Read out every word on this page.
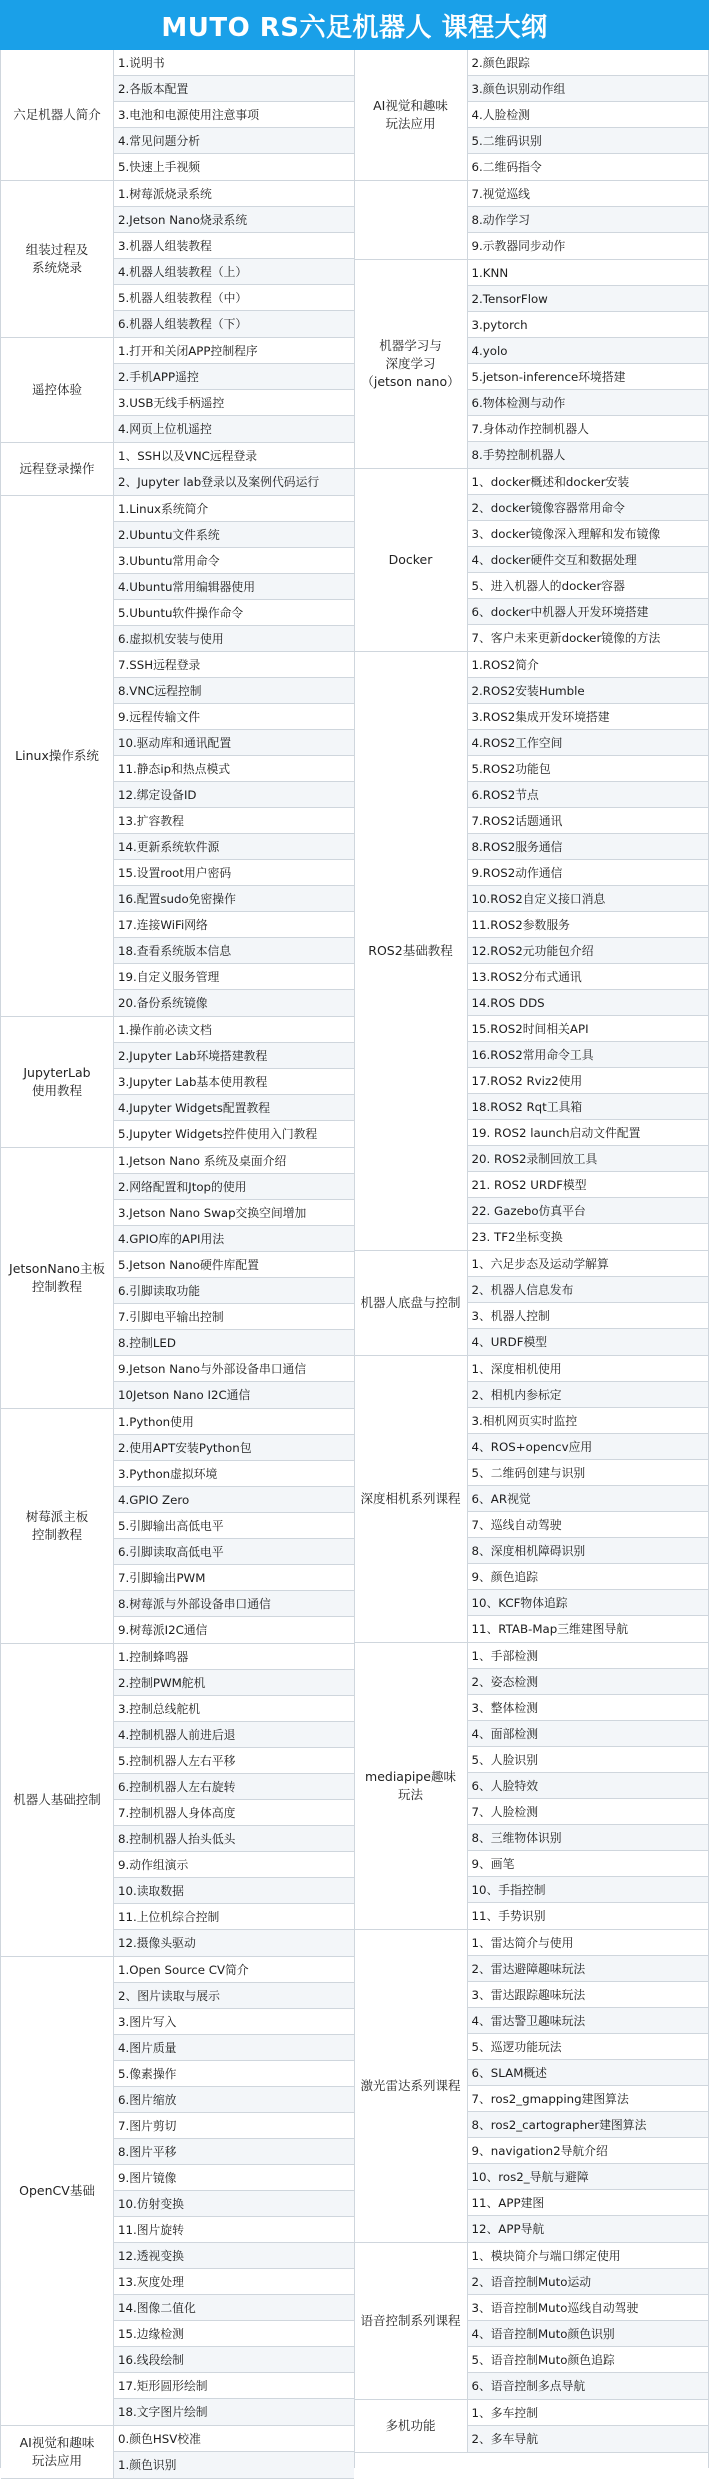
MUTO RS六足机器人 课程大纲
六足机器人简介
1.说明书
2.各版本配置
3.电池和电源使用注意事项
4.常见问题分析
5.快速上手视频
组装过程及
系统烧录
1.树莓派烧录系统
2.Jetson Nano烧录系统
3.机器人组装教程
4.机器人组装教程（上）
5.机器人组装教程（中）
6.机器人组装教程（下）
遥控体验
1.打开和关闭APP控制程序
2.手机APP遥控
3.USB无线手柄遥控
4.网页上位机遥控
远程登录操作
1、SSH以及VNC远程登录
2、Jupyter lab登录以及案例代码运行
Linux操作系统
1.Linux系统简介
2.Ubuntu文件系统
3.Ubuntu常用命令
4.Ubuntu常用编辑器使用
5.Ubuntu软件操作命令
6.虚拟机安装与使用
7.SSH远程登录
8.VNC远程控制
9.远程传输文件
10.驱动库和通讯配置
11.静态ip和热点模式
12.绑定设备ID
13.扩容教程
14.更新系统软件源
15.设置root用户密码
16.配置sudo免密操作
17.连接WiFi网络
18.查看系统版本信息
19.自定义服务管理
20.备份系统镜像
JupyterLab
使用教程
1.操作前必读文档
2.Jupyter Lab环境搭建教程
3.Jupyter Lab基本使用教程
4.Jupyter Widgets配置教程
5.Jupyter Widgets控件使用入门教程
JetsonNano主板
控制教程
1.Jetson Nano 系统及桌面介绍
2.网络配置和Jtop的使用
3.Jetson Nano Swap交换空间增加
4.GPIO库的API用法
5.Jetson Nano硬件库配置
6.引脚读取功能
7.引脚电平输出控制
8.控制LED
9.Jetson Nano与外部设备串口通信
10Jetson Nano I2C通信
树莓派主板
控制教程
1.Python使用
2.使用APT安装Python包
3.Python虚拟环境
4.GPIO Zero
5.引脚输出高低电平
6.引脚读取高低电平
7.引脚输出PWM
8.树莓派与外部设备串口通信
9.树莓派I2C通信
机器人基础控制
1.控制蜂鸣器
2.控制PWM舵机
3.控制总线舵机
4.控制机器人前进后退
5.控制机器人左右平移
6.控制机器人左右旋转
7.控制机器人身体高度
8.控制机器人抬头低头
9.动作组演示
10.读取数据
11.上位机综合控制
12.摄像头驱动
OpenCV基础
1.Open Source CV简介
2、图片读取与展示
3.图片写入
4.图片质量
5.像素操作
6.图片缩放
7.图片剪切
8.图片平移
9.图片镜像
10.仿射变换
11.图片旋转
12.透视变换
13.灰度处理
14.图像二值化
15.边缘检测
16.线段绘制
17.矩形圆形绘制
18.文字图片绘制
AI视觉和趣味
玩法应用
0.颜色HSV校准
1.颜色识别
AI视觉和趣味
玩法应用
2.颜色跟踪
3.颜色识别动作组
4.人脸检测
5.二维码识别
6.二维码指令
7.视觉巡线
8.动作学习
9.示教器同步动作
机器学习与
深度学习
（jetson nano）
1.KNN
2.TensorFlow
3.pytorch
4.yolo
5.jetson-inference环境搭建
6.物体检测与动作
7.身体动作控制机器人
8.手势控制机器人
Docker
1、docker概述和docker安装
2、docker镜像容器常用命令
3、docker镜像深入理解和发布镜像
4、docker硬件交互和数据处理
5、进入机器人的docker容器
6、docker中机器人开发环境搭建
7、客户未来更新docker镜像的方法
ROS2基础教程
1.ROS2简介
2.ROS2安装Humble
3.ROS2集成开发环境搭建
4.ROS2工作空间
5.ROS2功能包
6.ROS2节点
7.ROS2话题通讯
8.ROS2服务通信
9.ROS2动作通信
10.ROS2自定义接口消息
11.ROS2参数服务
12.ROS2元功能包介绍
13.ROS2分布式通讯
14.ROS DDS
15.ROS2时间相关API
16.ROS2常用命令工具
17.ROS2 Rviz2使用
18.ROS2 Rqt工具箱
19. ROS2 launch启动文件配置
20. ROS2录制回放工具
21. ROS2 URDF模型
22. Gazebo仿真平台
23. TF2坐标变换
机器人底盘与控制
1、六足步态及运动学解算
2、机器人信息发布
3、机器人控制
4、URDF模型
深度相机系列课程
1、深度相机使用
2、相机内参标定
3.相机网页实时监控
4、ROS+opencv应用
5、二维码创建与识别
6、AR视觉
7、巡线自动驾驶
8、深度相机障碍识别
9、颜色追踪
10、KCF物体追踪
11、RTAB-Map三维建图导航
mediapipe趣味玩法
1、手部检测
2、姿态检测
3、整体检测
4、面部检测
5、人脸识别
6、人脸特效
7、人脸检测
8、三维物体识别
9、画笔
10、手指控制
11、手势识别
激光雷达系列课程
1、雷达简介与使用
2、雷达避障趣味玩法
3、雷达跟踪趣味玩法
4、雷达警卫趣味玩法
5、巡逻功能玩法
6、SLAM概述
7、ros2_gmapping建图算法
8、ros2_cartographer建图算法
9、navigation2导航介绍
10、ros2_导航与避障
11、APP建图
12、APP导航
语音控制系列课程
1、模块简介与端口绑定使用
2、语音控制Muto运动
3、语音控制Muto巡线自动驾驶
4、语音控制Muto颜色识别
5、语音控制Muto颜色追踪
6、语音控制多点导航
多机功能
1、多车控制
2、多车导航
